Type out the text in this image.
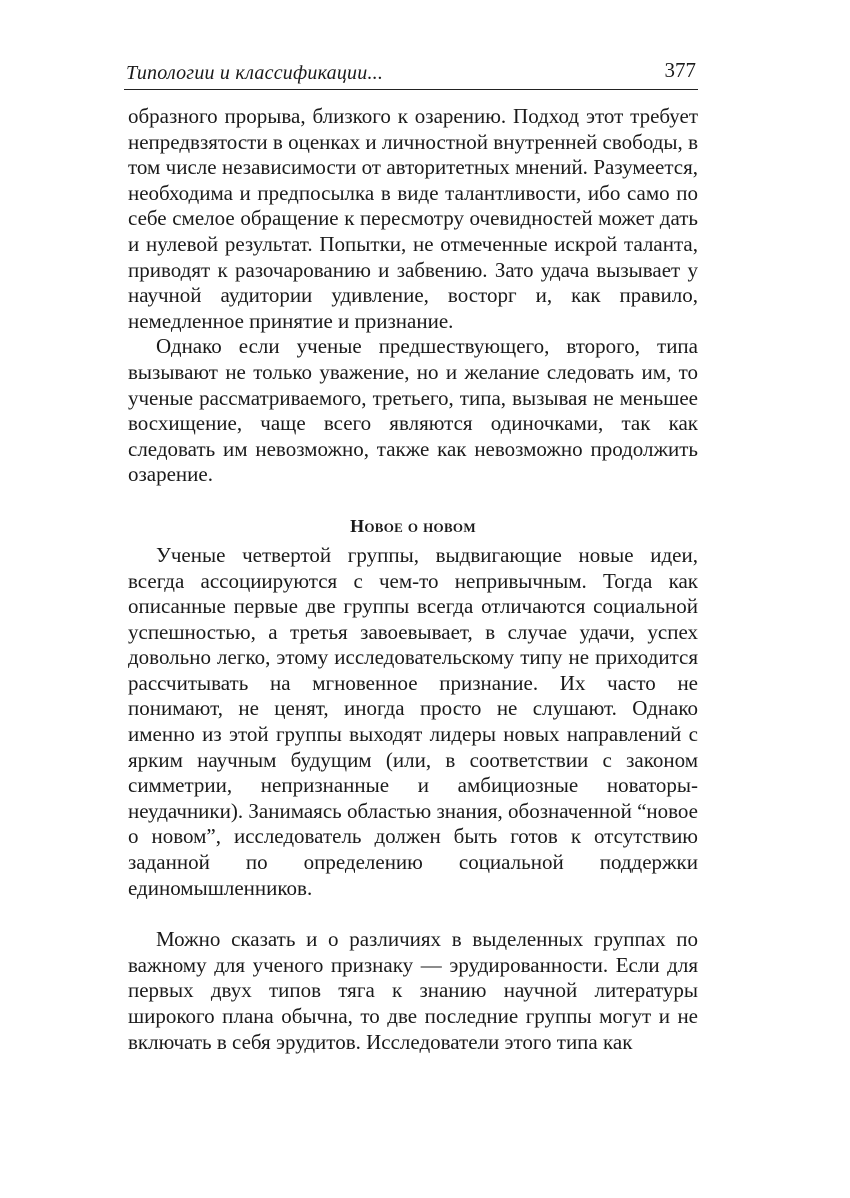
Типологии и классификации...	377

образного прорыва, близкого к озарению. Подход этот требует непредвзятости в оценках и личностной внутренней свободы, в том числе независимости от авторитетных мнений. Разумеется, необходима и предпосылка в виде талантливости, ибо само по себе смелое обращение к пересмотру очевидностей может дать и нулевой результат. Попытки, не отмеченные искрой таланта, приводят к разочарованию и забвению. Зато удача вызывает у научной аудитории удивление, восторг и, как правило, немедленное принятие и признание.

Однако если ученые предшествующего, второго, типа вызывают не только уважение, но и желание следовать им, то ученые рассматриваемого, третьего, типа, вызывая не меньшее восхищение, чаще всего являются одиночками, так как следовать им невозможно, также как невозможно продолжить озарение.

Новое о новом

Ученые четвертой группы, выдвигающие новые идеи, всегда ассоциируются с чем-то непривычным. Тогда как описанные первые две группы всегда отличаются социальной успешностью, а третья завоевывает, в случае удачи, успех довольно легко, этому исследовательскому типу не приходится рассчитывать на мгновенное признание. Их часто не понимают, не ценят, иногда просто не слушают. Однако именно из этой группы выходят лидеры новых направлений с ярким научным будущим (или, в соответствии с законом симметрии, непризнанные и амбициозные новаторы-неудачники). Занимаясь областью знания, обозначенной “новое о новом”, исследователь должен быть готов к отсутствию заданной по определению социальной поддержки единомышленников.

Можно сказать и о различиях в выделенных группах по важному для ученого признаку — эрудированности. Если для первых двух типов тяга к знанию научной литературы широкого плана обычна, то две последние группы могут и не включать в себя эрудитов. Исследователи этого типа как
